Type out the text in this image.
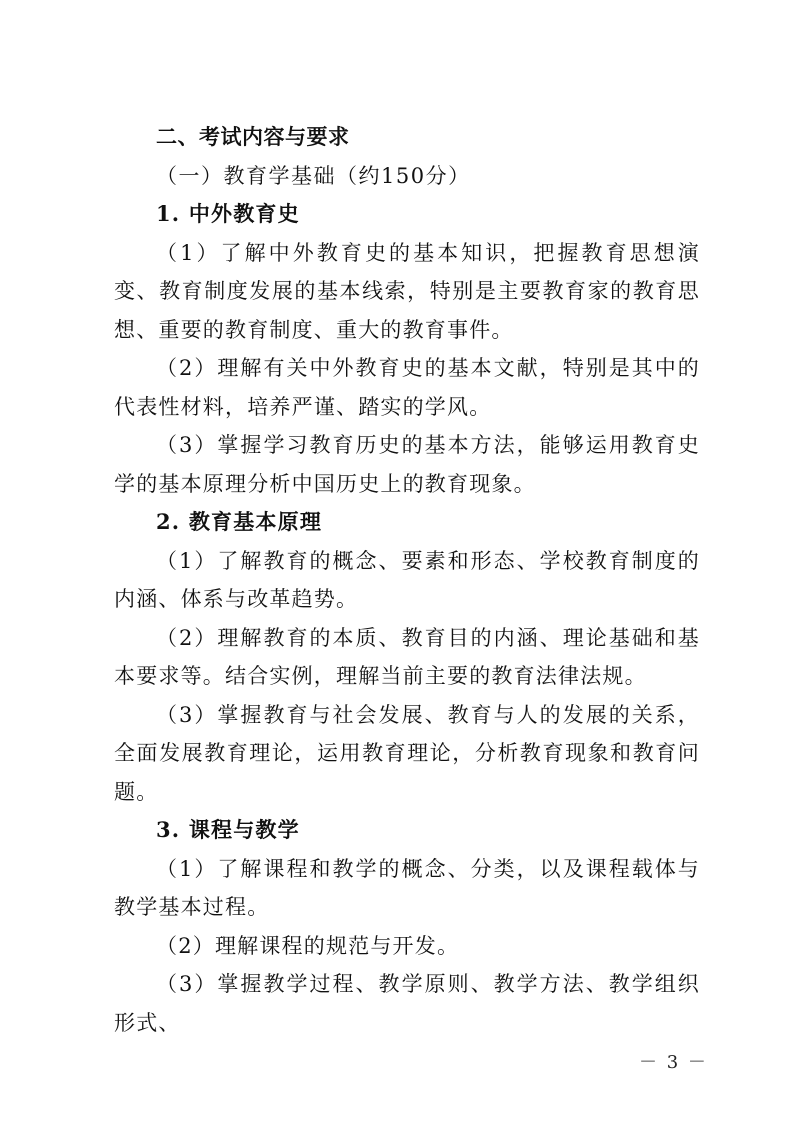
二、考试内容与要求

（一）教育学基础（约150分）

1. 中外教育史

（1）了解中外教育史的基本知识，把握教育思想演变、教育制度发展的基本线索，特别是主要教育家的教育思想、重要的教育制度、重大的教育事件。

（2）理解有关中外教育史的基本文献，特别是其中的代表性材料，培养严谨、踏实的学风。

（3）掌握学习教育历史的基本方法，能够运用教育史学的基本原理分析中国历史上的教育现象。

2. 教育基本原理

（1）了解教育的概念、要素和形态、学校教育制度的内涵、体系与改革趋势。

（2）理解教育的本质、教育目的内涵、理论基础和基本要求等。结合实例，理解当前主要的教育法律法规。

（3）掌握教育与社会发展、教育与人的发展的关系，全面发展教育理论，运用教育理论，分析教育现象和教育问题。

3. 课程与教学

（1）了解课程和教学的概念、分类，以及课程载体与教学基本过程。

（2）理解课程的规范与开发。

（3）掌握教学过程、教学原则、教学方法、教学组织形式、

－ 3 －
